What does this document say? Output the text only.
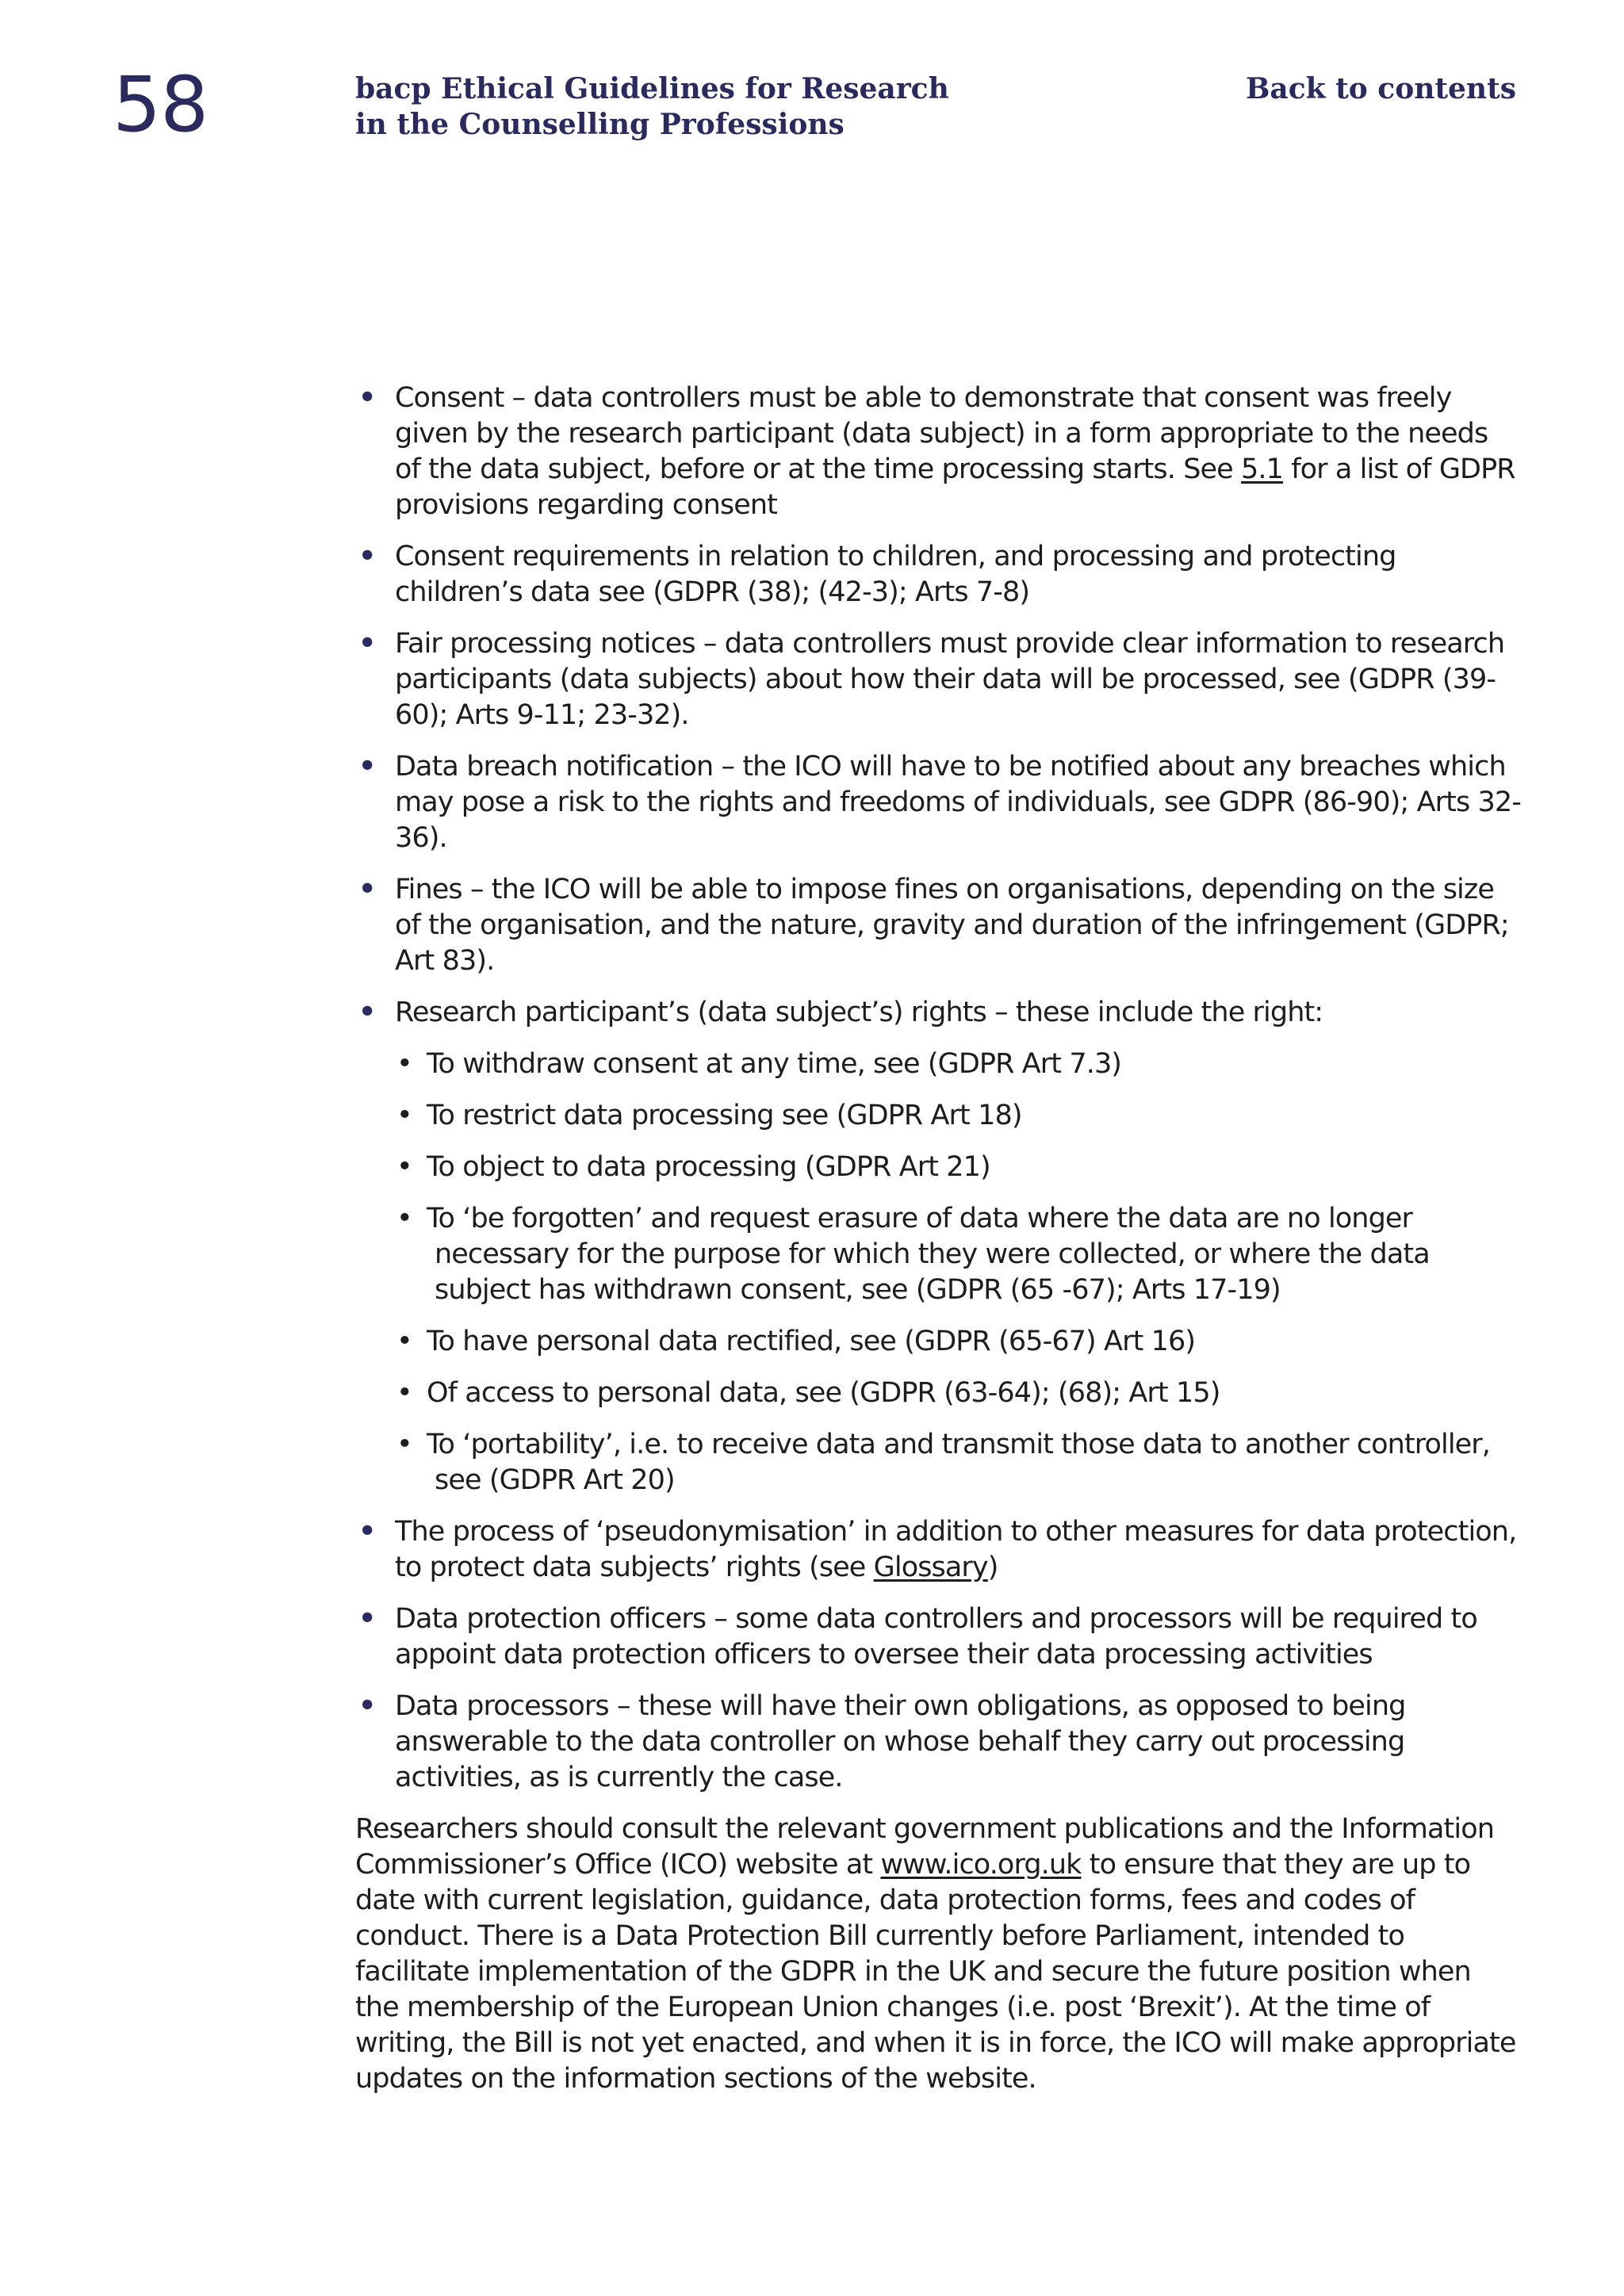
58	bacp Ethical Guidelines for Research
in the Counselling Professions
Back to contents
• Consent – data controllers must be able to demonstrate that consent was freely given by the research participant (data subject) in a form appropriate to the needs of the data subject, before or at the time processing starts. See 5.1 for a list of GDPR provisions regarding consent
• Consent requirements in relation to children, and processing and protecting children’s data see (GDPR (38); (42-3); Arts 7-8)
• Fair processing notices – data controllers must provide clear information to research participants (data subjects) about how their data will be processed, see (GDPR (39-60); Arts 9-11; 23-32).
• Data breach notification – the ICO will have to be notified about any breaches which may pose a risk to the rights and freedoms of individuals, see GDPR (86-90); Arts 32-36).
• Fines – the ICO will be able to impose fines on organisations, depending on the size of the organisation, and the nature, gravity and duration of the infringement (GDPR; Art 83).
• Research participant’s (data subject’s) rights – these include the right:
• To withdraw consent at any time, see (GDPR Art 7.3)
• To restrict data processing see (GDPR Art 18)
• To object to data processing (GDPR Art 21)
• To ‘be forgotten’ and request erasure of data where the data are no longer necessary for the purpose for which they were collected, or where the data subject has withdrawn consent, see (GDPR (65 -67); Arts 17-19)
• To have personal data rectified, see (GDPR (65-67) Art 16)
• Of access to personal data, see (GDPR (63-64); (68); Art 15)
• To ‘portability’, i.e. to receive data and transmit those data to another controller, see (GDPR Art 20)
• The process of ‘pseudonymisation’ in addition to other measures for data protection, to protect data subjects’ rights (see Glossary)
• Data protection officers – some data controllers and processors will be required to appoint data protection officers to oversee their data processing activities
• Data processors – these will have their own obligations, as opposed to being answerable to the data controller on whose behalf they carry out processing activities, as is currently the case.

Researchers should consult the relevant government publications and the Information Commissioner’s Office (ICO) website at www.ico.org.uk to ensure that they are up to date with current legislation, guidance, data protection forms, fees and codes of conduct. There is a Data Protection Bill currently before Parliament, intended to facilitate implementation of the GDPR in the UK and secure the future position when the membership of the European Union changes (i.e. post ‘Brexit’). At the time of writing, the Bill is not yet enacted, and when it is in force, the ICO will make appropriate updates on the information sections of the website.
